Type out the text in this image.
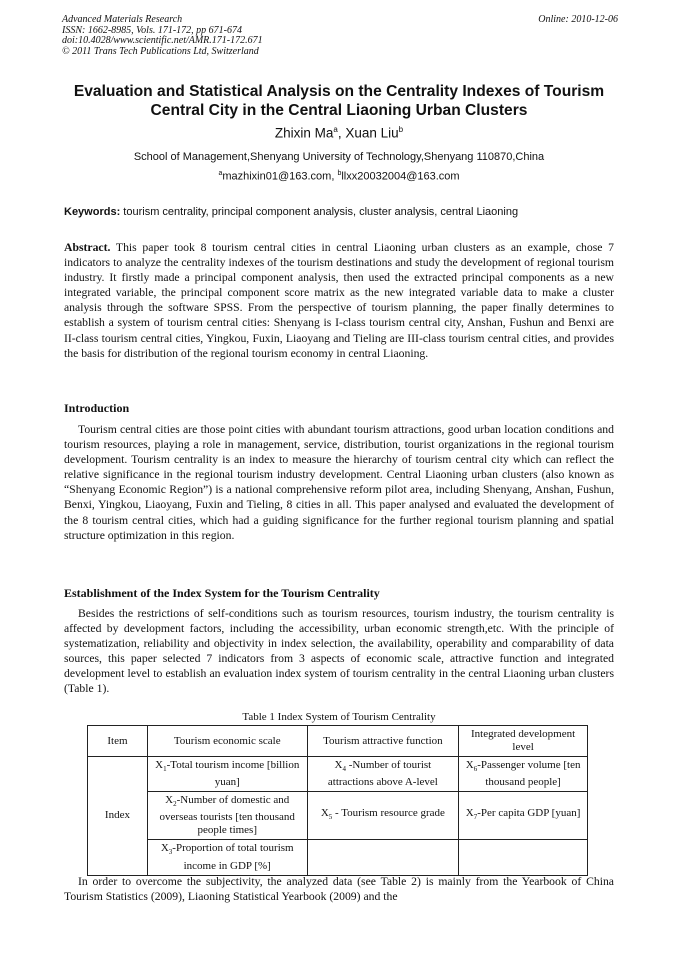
Advanced Materials Research
ISSN: 1662-8985, Vols. 171-172, pp 671-674
doi:10.4028/www.scientific.net/AMR.171-172.671
© 2011 Trans Tech Publications Ltd, Switzerland
Online: 2010-12-06
Evaluation and Statistical Analysis on the Centrality Indexes of Tourism
Central City in the Central Liaoning Urban Clusters
Zhixin Ma$^a$, Xuan Liu$^b$
School of Management,Shenyang University of Technology,Shenyang 110870,China
$^a$mazhixin01@163.com, $^b$llxx20032004@163.com
Keywords: tourism centrality, principal component analysis, cluster analysis, central Liaoning
Abstract. This paper took 8 tourism central cities in central Liaoning urban clusters as an example, chose 7 indicators to analyze the centrality indexes of the tourism destinations and study the development of regional tourism industry. It firstly made a principal component analysis, then used the extracted principal components as a new integrated variable, the principal component score matrix as the new integrated variable data to make a cluster analysis through the software SPSS. From the perspective of tourism planning, the paper finally determines to establish a system of tourism central cities: Shenyang is I-class tourism central city, Anshan, Fushun and Benxi are II-class tourism central cities, Yingkou, Fuxin, Liaoyang and Tieling are III-class tourism central cities, and provides the basis for distribution of the regional tourism economy in central Liaoning.
Introduction
Tourism central cities are those point cities with abundant tourism attractions, good urban location conditions and tourism resources, playing a role in management, service, distribution, tourist organizations in the regional tourism development. Tourism centrality is an index to measure the hierarchy of tourism central city which can reflect the relative significance in the regional tourism industry development. Central Liaoning urban clusters (also known as “Shenyang Economic Region”) is a national comprehensive reform pilot area, including Shenyang, Anshan, Fushun, Benxi, Yingkou, Liaoyang, Fuxin and Tieling, 8 cities in all. This paper analysed and evaluated the development of the 8 tourism central cities, which had a guiding significance for the further regional tourism planning and spatial structure optimization in this region.
Establishment of the Index System for the Tourism Centrality
Besides the restrictions of self-conditions such as tourism resources, tourism industry, the tourism centrality is affected by development factors, including the accessibility, urban economic strength,etc. With the principle of systematization, reliability and objectivity in index selection, the availability, operability and comparability of data sources, this paper selected 7 indicators from 3 aspects of economic scale, attractive function and integrated development level to establish an evaluation index system of tourism centrality in the central Liaoning urban clusters (Table 1).
Table 1 Index System of Tourism Centrality
Item	Tourism economic scale	Tourism attractive function	Integrated development level
Index	$X_1$-Total tourism income [billion yuan]	$X_4$ -Number of tourist attractions above A-level	$X_6$-Passenger volume [ten thousand people]
	$X_2$-Number of domestic and overseas tourists [ten thousand people times]	$X_5$ - Tourism resource grade	$X_7$-Per capita GDP [yuan]
	$X_3$-Proportion of total tourism income in GDP [%]		
In order to overcome the subjectivity, the analyzed data (see Table 2) is mainly from the Yearbook of China Tourism Statistics (2009), Liaoning Statistical Yearbook (2009) and the
